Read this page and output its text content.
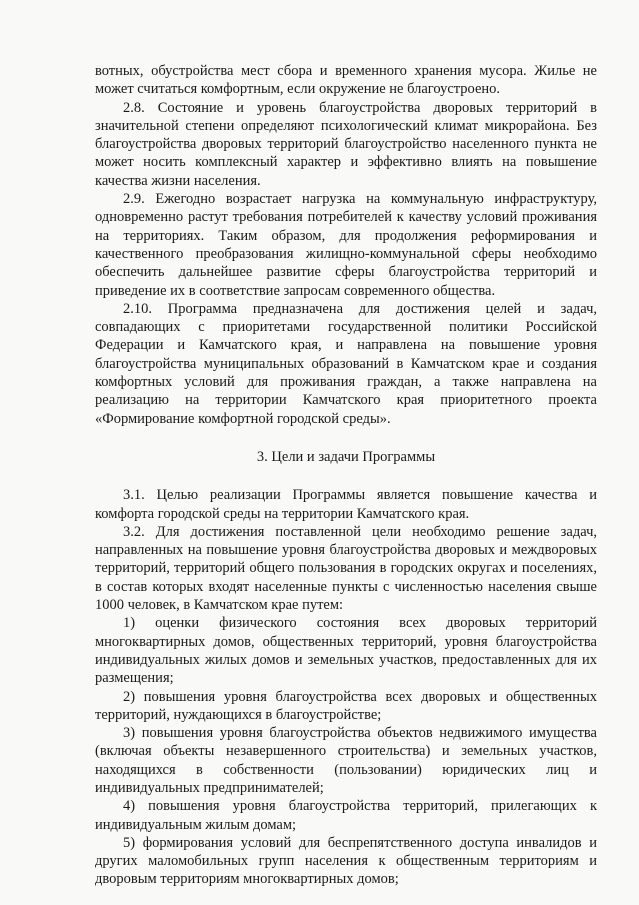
вотных, обустройства мест сбора и временного хранения мусора. Жилье не может считаться комфортным, если окружение не благоустроено.

2.8. Состояние и уровень благоустройства дворовых территорий в значительной степени определяют психологический климат микрорайона. Без благоустройства дворовых территорий благоустройство населенного пункта не может носить комплексный характер и эффективно влиять на повышение качества жизни населения.

2.9. Ежегодно возрастает нагрузка на коммунальную инфраструктуру, одновременно растут требования потребителей к качеству условий проживания на территориях. Таким образом, для продолжения реформирования и качественного преобразования жилищно-коммунальной сферы необходимо обеспечить дальнейшее развитие сферы благоустройства территорий и приведение их в соответствие запросам современного общества.

2.10. Программа предназначена для достижения целей и задач, совпадающих с приоритетами государственной политики Российской Федерации и Камчатского края, и направлена на повышение уровня благоустройства муниципальных образований в Камчатском крае и создания комфортных условий для проживания граждан, а также направлена на реализацию на территории Камчатского края приоритетного проекта «Формирование комфортной городской среды».

3. Цели и задачи Программы

3.1. Целью реализации Программы является повышение качества и комфорта городской среды на территории Камчатского края.

3.2. Для достижения поставленной цели необходимо решение задач, направленных на повышение уровня благоустройства дворовых и междворовых территорий, территорий общего пользования в городских округах и поселениях, в состав которых входят населенные пункты с численностью населения свыше 1000 человек, в Камчатском крае путем:

1) оценки физического состояния всех дворовых территорий многоквартирных домов, общественных территорий, уровня благоустройства индивидуальных жилых домов и земельных участков, предоставленных для их размещения;

2) повышения уровня благоустройства всех дворовых и общественных территорий, нуждающихся в благоустройстве;

3) повышения уровня благоустройства объектов недвижимого имущества (включая объекты незавершенного строительства) и земельных участков, находящихся в собственности (пользовании) юридических лиц и индивидуальных предпринимателей;

4) повышения уровня благоустройства территорий, прилегающих к индивидуальным жилым домам;

5) формирования условий для беспрепятственного доступа инвалидов и других маломобильных групп населения к общественным территориям и дворовым территориям многоквартирных домов;
